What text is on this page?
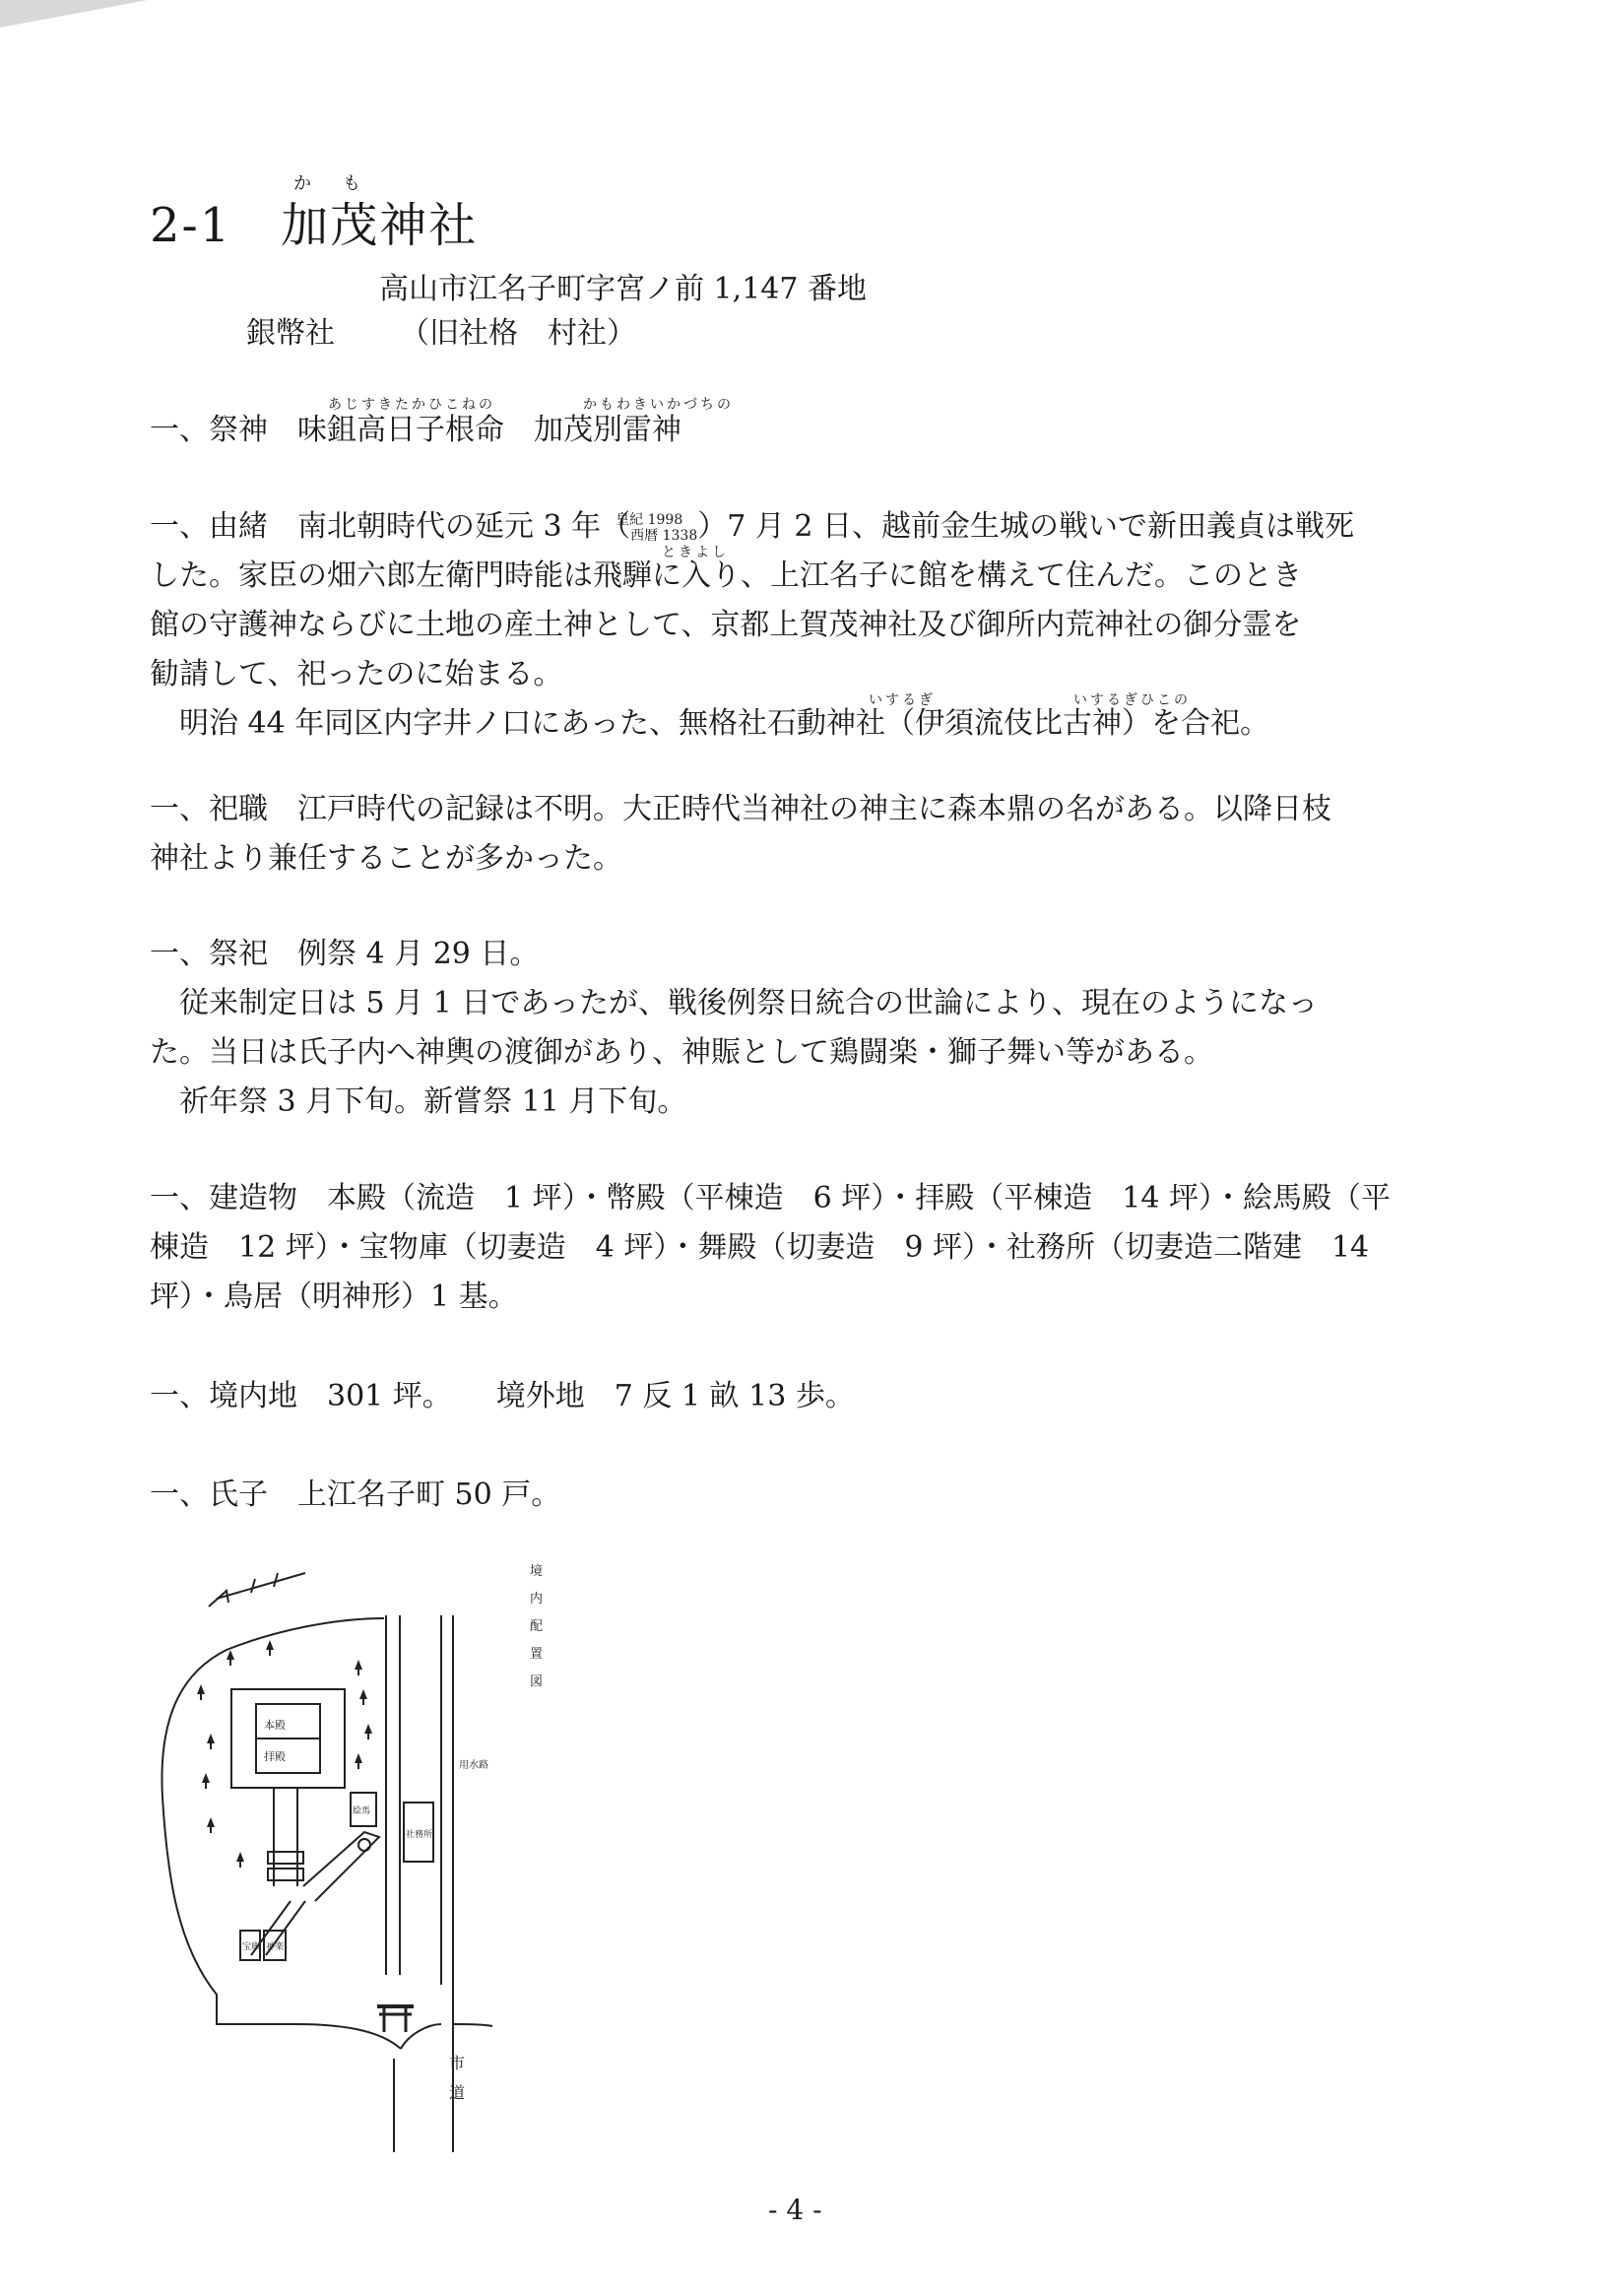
2-1 加茂神社
か も
高山市江名子町字宮ノ前 1,147 番地
銀幣社 （旧社格　村社）
一、祭神　 味鉏高日子根命　加茂別雷神
あじすきたかひこねの	かもわきいかづちの
一、由緒　 南北朝時代の延元 3 年（皇紀 1998
西暦 1338）7 月 2 日、越前金生城の戦いで新田義貞は戦死
した。家臣の畑六郎左衛門時能は飛騨に入り、上江名子に館を構えて住んだ。このとき
館の守護神ならびに土地の産土神として、京都上賀茂神社及び御所内荒神社の御分霊を
勧請して、祀ったのに始まる。
明治 44 年同区内字井ノ口にあった、無格社石動神社（伊須流伎比古神）を合祀。
ときよし
いするぎ	いするぎひこの
一、祀職　 江戸時代の記録は不明。大正時代当神社の神主に森本鼎の名がある。以降日枝
神社より兼任することが多かった。
一、祭祀　 例祭 4 月 29 日。
従来制定日は 5 月 1 日であったが、戦後例祭日統合の世論により、現在のようになっ
た。当日は氏子内へ神輿の渡御があり、神賑として鶏闘楽・獅子舞い等がある。
祈年祭 3 月下旬。新嘗祭 11 月下旬。
一、建造物　 本殿（流造　1 坪）・幣殿（平棟造　6 坪）・拝殿（平棟造　14 坪）・絵馬殿（平
棟造　12 坪）・宝物庫（切妻造　4 坪）・舞殿（切妻造　9 坪）・社務所（切妻造二階建　14
坪）・鳥居（明神形）1 基。
一、境内地　 301 坪。　　 境外地　 7 反 1 畝 13 歩。
一、氏子　 上江名子町 50 戸。
境
内
配
置
図
本殿
拝殿
絵馬
社務所
宝庫 神楽
用水路
市
道
- 4 -
